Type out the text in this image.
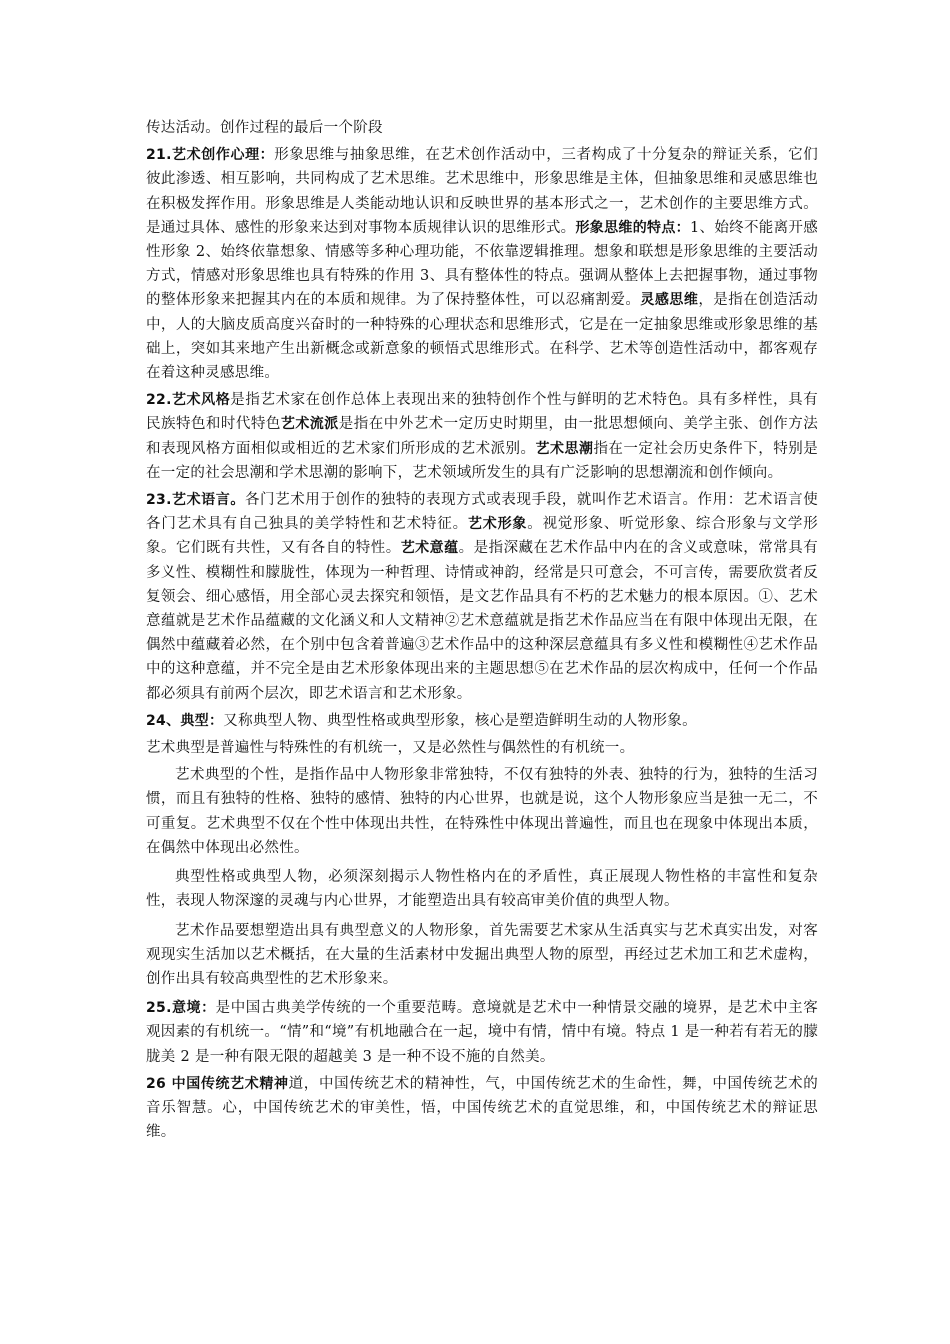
传达活动。创作过程的最后一个阶段

21.艺术创作心理：形象思维与抽象思维，在艺术创作活动中，三者构成了十分复杂的辩证关系，它们彼此渗透、相互影响，共同构成了艺术思维。艺术思维中，形象思维是主体，但抽象思维和灵感思维也在积极发挥作用。形象思维是人类能动地认识和反映世界的基本形式之一，艺术创作的主要思维方式。是通过具体、感性的形象来达到对事物本质规律认识的思维形式。形象思维的特点：1、始终不能离开感性形象 2、始终依靠想象、情感等多种心理功能，不依靠逻辑推理。想象和联想是形象思维的主要活动方式，情感对形象思维也具有特殊的作用 3、具有整体性的特点。强调从整体上去把握事物，通过事物的整体形象来把握其内在的本质和规律。为了保持整体性，可以忍痛割爱。灵感思维，是指在创造活动中，人的大脑皮质高度兴奋时的一种特殊的心理状态和思维形式，它是在一定抽象思维或形象思维的基础上，突如其来地产生出新概念或新意象的顿悟式思维形式。在科学、艺术等创造性活动中，都客观存在着这种灵感思维。

22.艺术风格是指艺术家在创作总体上表现出来的独特创作个性与鲜明的艺术特色。具有多样性，具有民族特色和时代特色艺术流派是指在中外艺术一定历史时期里，由一批思想倾向、美学主张、创作方法和表现风格方面相似或相近的艺术家们所形成的艺术派别。艺术思潮指在一定社会历史条件下，特别是在一定的社会思潮和学术思潮的影响下，艺术领域所发生的具有广泛影响的思想潮流和创作倾向。

23.艺术语言。各门艺术用于创作的独特的表现方式或表现手段，就叫作艺术语言。作用：艺术语言使各门艺术具有自己独具的美学特性和艺术特征。艺术形象。视觉形象、听觉形象、综合形象与文学形象。它们既有共性，又有各自的特性。艺术意蕴。是指深藏在艺术作品中内在的含义或意味，常常具有多义性、模糊性和朦胧性，体现为一种哲理、诗情或神韵，经常是只可意会，不可言传，需要欣赏者反复领会、细心感悟，用全部心灵去探究和领悟，是文艺作品具有不朽的艺术魅力的根本原因。①、艺术意蕴就是艺术作品蕴藏的文化涵义和人文精神②艺术意蕴就是指艺术作品应当在有限中体现出无限，在偶然中蕴藏着必然，在个别中包含着普遍③艺术作品中的这种深层意蕴具有多义性和模糊性④艺术作品中的这种意蕴，并不完全是由艺术形象体现出来的主题思想⑤在艺术作品的层次构成中，任何一个作品都必须具有前两个层次，即艺术语言和艺术形象。

24、典型：又称典型人物、典型性格或典型形象，核心是塑造鲜明生动的人物形象。

艺术典型是普遍性与特殊性的有机统一，又是必然性与偶然性的有机统一。

艺术典型的个性，是指作品中人物形象非常独特，不仅有独特的外表、独特的行为，独特的生活习惯，而且有独特的性格、独特的感情、独特的内心世界，也就是说，这个人物形象应当是独一无二，不可重复。艺术典型不仅在个性中体现出共性，在特殊性中体现出普遍性，而且也在现象中体现出本质，在偶然中体现出必然性。

典型性格或典型人物，必须深刻揭示人物性格内在的矛盾性，真正展现人物性格的丰富性和复杂性，表现人物深邃的灵魂与内心世界，才能塑造出具有较高审美价值的典型人物。

艺术作品要想塑造出具有典型意义的人物形象，首先需要艺术家从生活真实与艺术真实出发，对客观现实生活加以艺术概括，在大量的生活素材中发掘出典型人物的原型，再经过艺术加工和艺术虚构，创作出具有较高典型性的艺术形象来。

25.意境：是中国古典美学传统的一个重要范畴。意境就是艺术中一种情景交融的境界，是艺术中主客观因素的有机统一。“情”和“境”有机地融合在一起，境中有情，情中有境。特点 1 是一种若有若无的朦胧美 2 是一种有限无限的超越美 3 是一种不设不施的自然美。

26 中国传统艺术精神道，中国传统艺术的精神性，气，中国传统艺术的生命性，舞，中国传统艺术的音乐智慧。心，中国传统艺术的审美性，悟，中国传统艺术的直觉思维，和，中国传统艺术的辩证思维。
